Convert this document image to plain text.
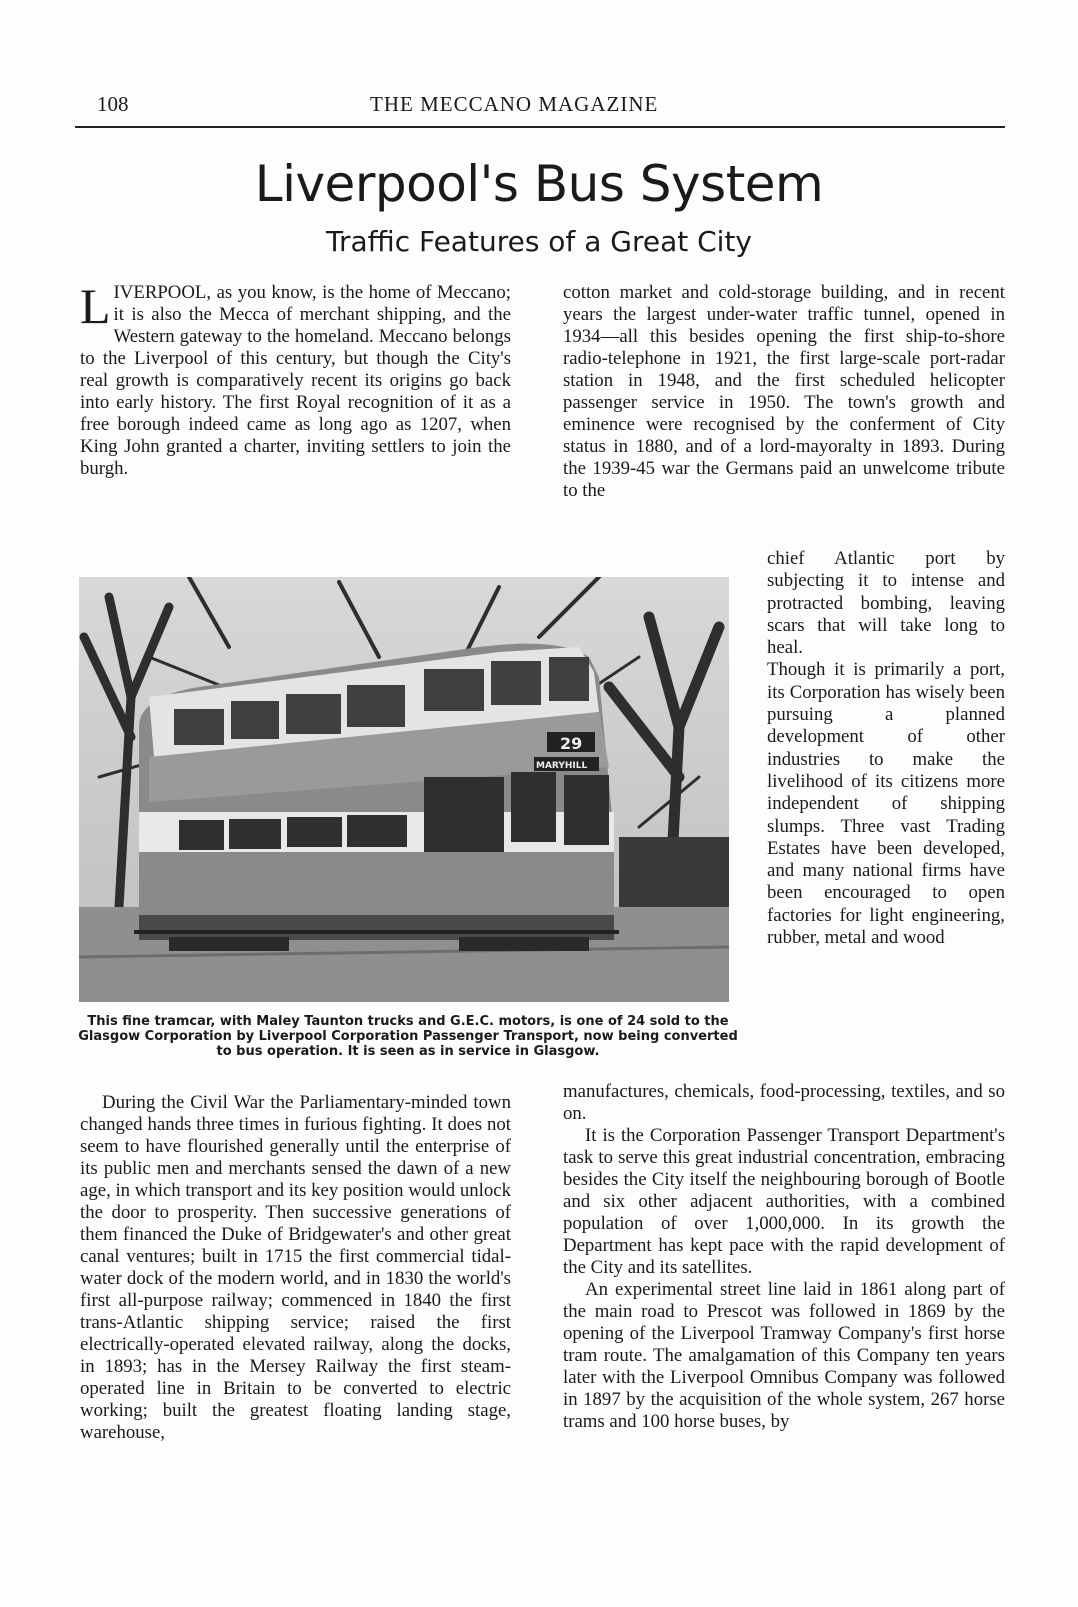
108	THE MECCANO MAGAZINE
Liverpool's Bus System
Traffic Features of a Great City

LIVERPOOL, as you know, is the home of Meccano; it is also the Mecca of merchant shipping, and the Western gateway to the homeland. Meccano belongs to the Liverpool of this century, but though the City's real growth is comparatively recent its origins go back into early history. The first Royal recognition of it as a free borough indeed came as long ago as 1207, when King John granted a charter, inviting settlers to join the burgh.

cotton market and cold-storage building, and in recent years the largest under-water traffic tunnel, opened in 1934—all this besides opening the first ship-to-shore radio-telephone in 1921, the first large-scale port-radar station in 1948, and the first scheduled helicopter passenger service in 1950. The town's growth and eminence were recognised by the conferment of City status in 1880, and of a lord-mayoralty in 1893. During the 1939-45 war the Germans paid an unwelcome tribute to the

29
MARYHILL
This fine tramcar, with Maley Taunton trucks and G.E.C. motors, is one of 24 sold to the Glasgow Corporation by Liverpool Corporation Passenger Transport, now being converted to bus operation. It is seen as in service in Glasgow.

chief Atlantic port by subjecting it to intense and protracted bombing, leaving scars that will take long to heal.

Though it is primarily a port, its Corporation has wisely been pursuing a planned development of other industries to make the livelihood of its citizens more independent of shipping slumps. Three vast Trading Estates have been developed, and many national firms have been encouraged to open factories for light engineering, rubber, metal and wood

During the Civil War the Parliamentary-minded town changed hands three times in furious fighting. It does not seem to have flourished generally until the enterprise of its public men and merchants sensed the dawn of a new age, in which transport and its key position would unlock the door to prosperity. Then successive generations of them financed the Duke of Bridgewater's and other great canal ventures; built in 1715 the first commercial tidal-water dock of the modern world, and in 1830 the world's first all-purpose railway; commenced in 1840 the first trans-Atlantic shipping service; raised the first electrically-operated elevated railway, along the docks, in 1893; has in the Mersey Railway the first steam-operated line in Britain to be converted to electric working; built the greatest floating landing stage, warehouse,

manufactures, chemicals, food-processing, textiles, and so on.

It is the Corporation Passenger Transport Department's task to serve this great industrial concentration, embracing besides the City itself the neighbouring borough of Bootle and six other adjacent authorities, with a combined population of over 1,000,000. In its growth the Department has kept pace with the rapid development of the City and its satellites.

An experimental street line laid in 1861 along part of the main road to Prescot was followed in 1869 by the opening of the Liverpool Tramway Company's first horse tram route. The amalgamation of this Company ten years later with the Liverpool Omnibus Company was followed in 1897 by the acquisition of the whole system, 267 horse trams and 100 horse buses, by
